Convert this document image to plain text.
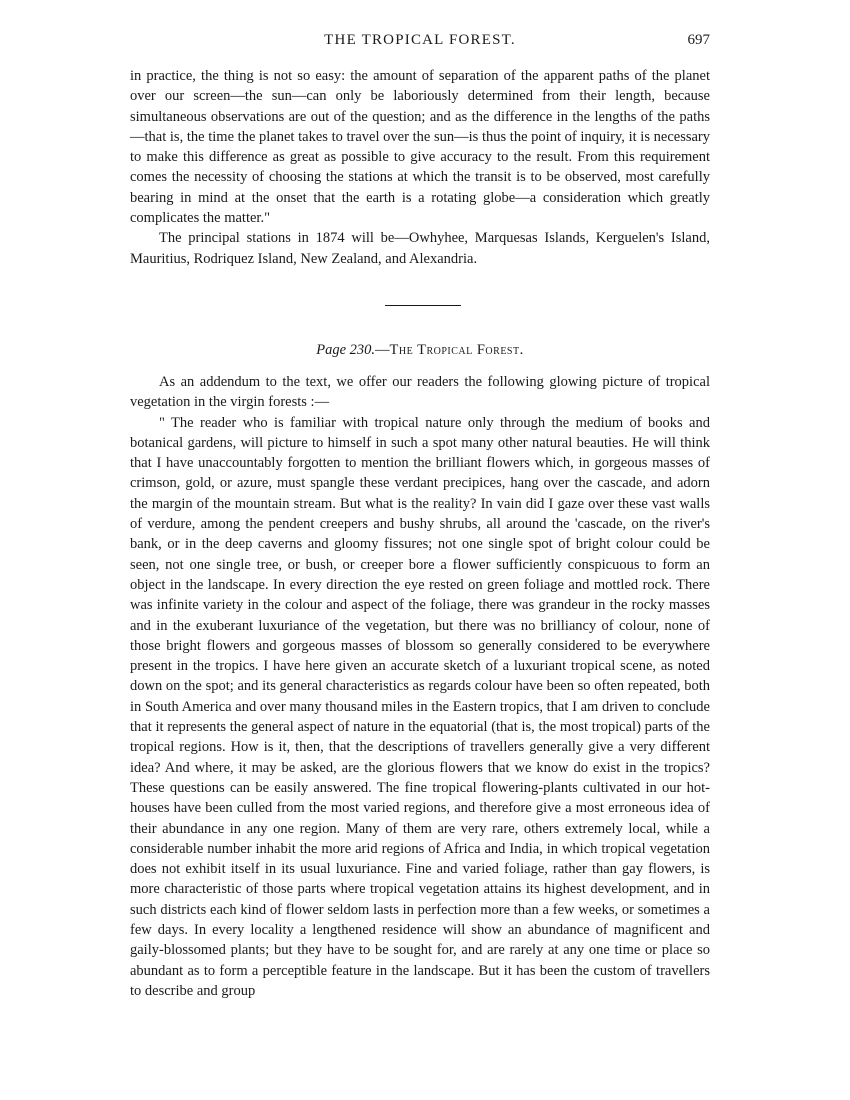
THE TROPICAL FOREST.	697

in practice, the thing is not so easy: the amount of separation of the apparent paths of the planet over our screen—the sun—can only be laboriously determined from their length, because simultaneous observations are out of the question; and as the difference in the lengths of the paths—that is, the time the planet takes to travel over the sun—is thus the point of inquiry, it is necessary to make this difference as great as possible to give accuracy to the result. From this requirement comes the necessity of choosing the stations at which the transit is to be observed, most carefully bearing in mind at the onset that the earth is a rotating globe—a consideration which greatly complicates the matter."

The principal stations in 1874 will be—Owhyhee, Marquesas Islands, Kerguelen's Island, Mauritius, Rodriquez Island, New Zealand, and Alexandria.

Page 230.—The Tropical Forest.

As an addendum to the text, we offer our readers the following glowing picture of tropical vegetation in the virgin forests :—

" The reader who is familiar with tropical nature only through the medium of books and botanical gardens, will picture to himself in such a spot many other natural beauties. He will think that I have unaccountably forgotten to mention the brilliant flowers which, in gorgeous masses of crimson, gold, or azure, must spangle these verdant precipices, hang over the cascade, and adorn the margin of the mountain stream. But what is the reality? In vain did I gaze over these vast walls of verdure, among the pendent creepers and bushy shrubs, all around the 'cascade, on the river's bank, or in the deep caverns and gloomy fissures; not one single spot of bright colour could be seen, not one single tree, or bush, or creeper bore a flower sufficiently conspicuous to form an object in the landscape. In every direction the eye rested on green foliage and mottled rock. There was infinite variety in the colour and aspect of the foliage, there was grandeur in the rocky masses and in the exuberant luxuriance of the vegetation, but there was no brilliancy of colour, none of those bright flowers and gorgeous masses of blossom so generally considered to be everywhere present in the tropics. I have here given an accurate sketch of a luxuriant tropical scene, as noted down on the spot; and its general characteristics as regards colour have been so often repeated, both in South America and over many thousand miles in the Eastern tropics, that I am driven to conclude that it represents the general aspect of nature in the equatorial (that is, the most tropical) parts of the tropical regions. How is it, then, that the descriptions of travellers generally give a very different idea? And where, it may be asked, are the glorious flowers that we know do exist in the tropics? These questions can be easily answered. The fine tropical flowering-plants cultivated in our hot-houses have been culled from the most varied regions, and therefore give a most erroneous idea of their abundance in any one region. Many of them are very rare, others extremely local, while a considerable number inhabit the more arid regions of Africa and India, in which tropical vegetation does not exhibit itself in its usual luxuriance. Fine and varied foliage, rather than gay flowers, is more characteristic of those parts where tropical vegetation attains its highest development, and in such districts each kind of flower seldom lasts in perfection more than a few weeks, or sometimes a few days. In every locality a lengthened residence will show an abundance of magnificent and gaily-blossomed plants; but they have to be sought for, and are rarely at any one time or place so abundant as to form a perceptible feature in the landscape. But it has been the custom of travellers to describe and group
